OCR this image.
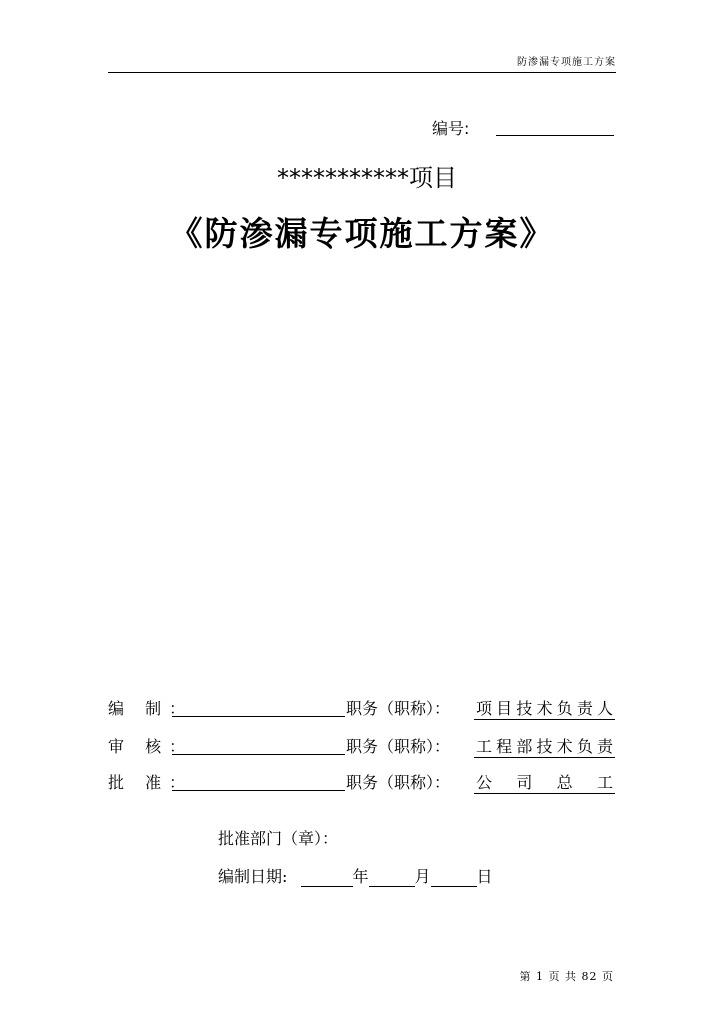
防渗漏专项施工方案
编号:
***********项目
《防渗漏专项施工方案》
编 制：	职务（职称）： 项目技术负责人
审 核：	职务（职称）： 工程部技术负责
批 准：	职务（职称）： 公 司 总 工
批准部门（章）：
编制日期:	年	月	日
第 1 页 共 82 页
